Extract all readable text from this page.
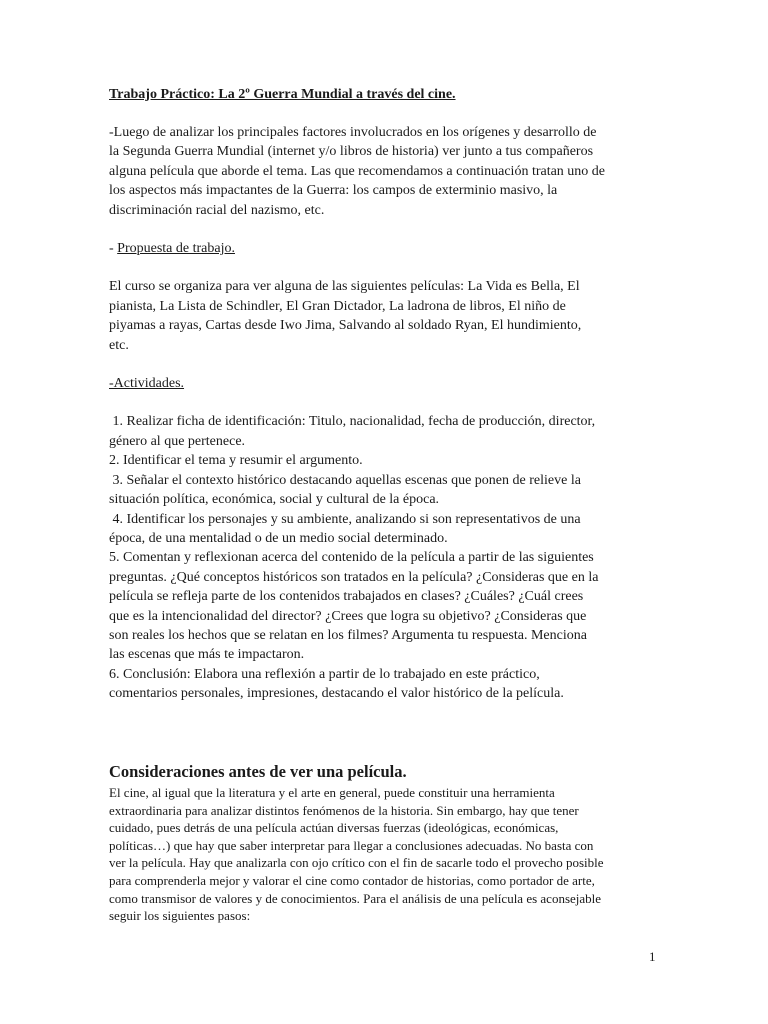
Trabajo Práctico: La 2º Guerra Mundial a través del cine.
-Luego de analizar los principales factores involucrados en los orígenes y desarrollo de
la Segunda Guerra Mundial (internet y/o libros de historia) ver junto a tus compañeros
alguna película que aborde el tema. Las que recomendamos a continuación tratan uno de
los aspectos más impactantes de la Guerra: los campos de exterminio masivo, la
discriminación racial del nazismo, etc.
- Propuesta de trabajo.
El curso se organiza para ver alguna de las siguientes películas: La Vida es Bella, El
pianista, La Lista de Schindler, El Gran Dictador, La ladrona de libros, El niño de
piyamas a rayas, Cartas desde Iwo Jima, Salvando al soldado Ryan, El hundimiento,
etc.
-Actividades.
1. Realizar ficha de identificación: Titulo, nacionalidad, fecha de producción, director,
género al que pertenece.
2. Identificar el tema y resumir el argumento.
3. Señalar el contexto histórico destacando aquellas escenas que ponen de relieve la
situación política, económica, social y cultural de la época.
4. Identificar los personajes y su ambiente, analizando si son representativos de una
época, de una mentalidad o de un medio social determinado.
5. Comentan y reflexionan acerca del contenido de la película a partir de las siguientes
preguntas. ¿Qué conceptos históricos son tratados en la película? ¿Consideras que en la
película se refleja parte de los contenidos trabajados en clases? ¿Cuáles? ¿Cuál crees
que es la intencionalidad del director? ¿Crees que logra su objetivo? ¿Consideras que
son reales los hechos que se relatan en los filmes? Argumenta tu respuesta. Menciona
las escenas que más te impactaron.
6. Conclusión: Elabora una reflexión a partir de lo trabajado en este práctico,
comentarios personales, impresiones, destacando el valor histórico de la película.
Consideraciones antes de ver una película.
El cine, al igual que la literatura y el arte en general, puede constituir una herramienta
extraordinaria para analizar distintos fenómenos de la historia. Sin embargo, hay que tener
cuidado, pues detrás de una película actúan diversas fuerzas (ideológicas, económicas,
políticas…) que hay que saber interpretar para llegar a conclusiones adecuadas. No basta con
ver la película. Hay que analizarla con ojo crítico con el fin de sacarle todo el provecho posible
para comprenderla mejor y valorar el cine como contador de historias, como portador de arte,
como transmisor de valores y de conocimientos. Para el análisis de una película es aconsejable
seguir los siguientes pasos:
1
